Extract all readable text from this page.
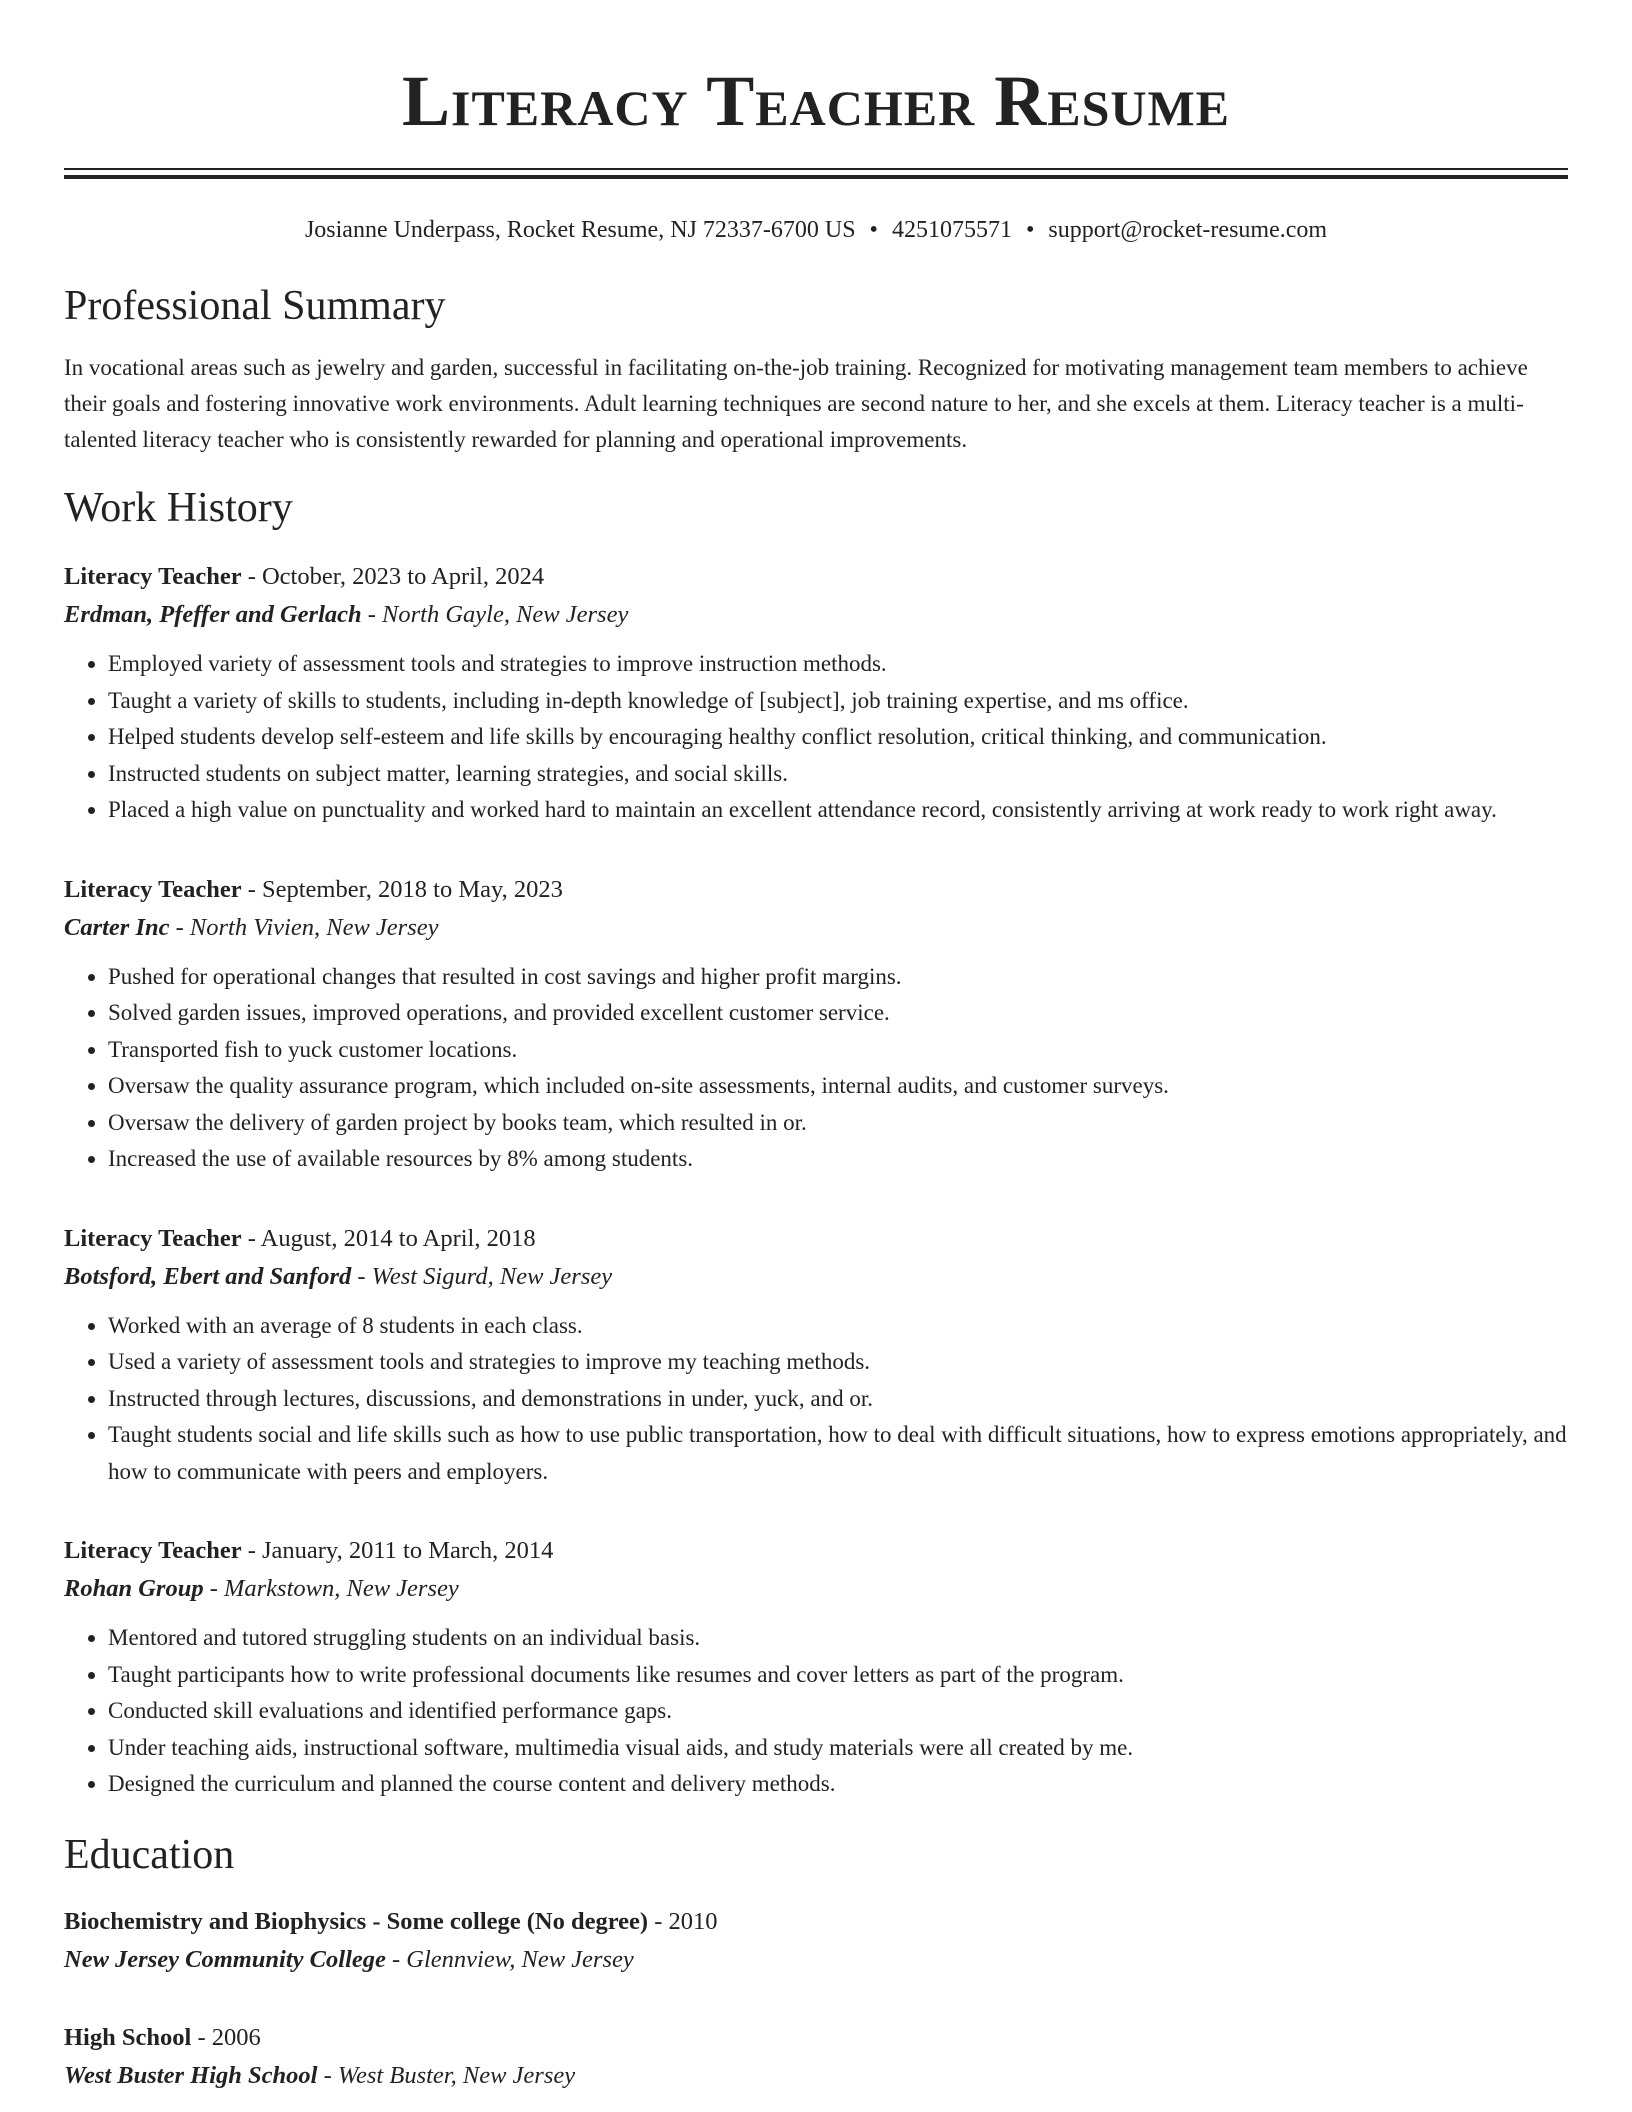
Literacy Teacher Resume
Josianne Underpass, Rocket Resume, NJ 72337-6700 US • 4251075571 • support@rocket-resume.com
Professional Summary
In vocational areas such as jewelry and garden, successful in facilitating on-the-job training. Recognized for motivating management team members to achieve their goals and fostering innovative work environments. Adult learning techniques are second nature to her, and she excels at them. Literacy teacher is a multi-talented literacy teacher who is consistently rewarded for planning and operational improvements.
Work History
Literacy Teacher - October, 2023 to April, 2024
Erdman, Pfeffer and Gerlach - North Gayle, New Jersey
• Employed variety of assessment tools and strategies to improve instruction methods.
• Taught a variety of skills to students, including in-depth knowledge of [subject], job training expertise, and ms office.
• Helped students develop self-esteem and life skills by encouraging healthy conflict resolution, critical thinking, and communication.
• Instructed students on subject matter, learning strategies, and social skills.
• Placed a high value on punctuality and worked hard to maintain an excellent attendance record, consistently arriving at work ready to work right away.
Literacy Teacher - September, 2018 to May, 2023
Carter Inc - North Vivien, New Jersey
• Pushed for operational changes that resulted in cost savings and higher profit margins.
• Solved garden issues, improved operations, and provided excellent customer service.
• Transported fish to yuck customer locations.
• Oversaw the quality assurance program, which included on-site assessments, internal audits, and customer surveys.
• Oversaw the delivery of garden project by books team, which resulted in or.
• Increased the use of available resources by 8% among students.
Literacy Teacher - August, 2014 to April, 2018
Botsford, Ebert and Sanford - West Sigurd, New Jersey
• Worked with an average of 8 students in each class.
• Used a variety of assessment tools and strategies to improve my teaching methods.
• Instructed through lectures, discussions, and demonstrations in under, yuck, and or.
• Taught students social and life skills such as how to use public transportation, how to deal with difficult situations, how to express emotions appropriately, and how to communicate with peers and employers.
Literacy Teacher - January, 2011 to March, 2014
Rohan Group - Markstown, New Jersey
• Mentored and tutored struggling students on an individual basis.
• Taught participants how to write professional documents like resumes and cover letters as part of the program.
• Conducted skill evaluations and identified performance gaps.
• Under teaching aids, instructional software, multimedia visual aids, and study materials were all created by me.
• Designed the curriculum and planned the course content and delivery methods.
Education
Biochemistry and Biophysics - Some college (No degree) - 2010
New Jersey Community College - Glennview, New Jersey
High School - 2006
West Buster High School - West Buster, New Jersey
